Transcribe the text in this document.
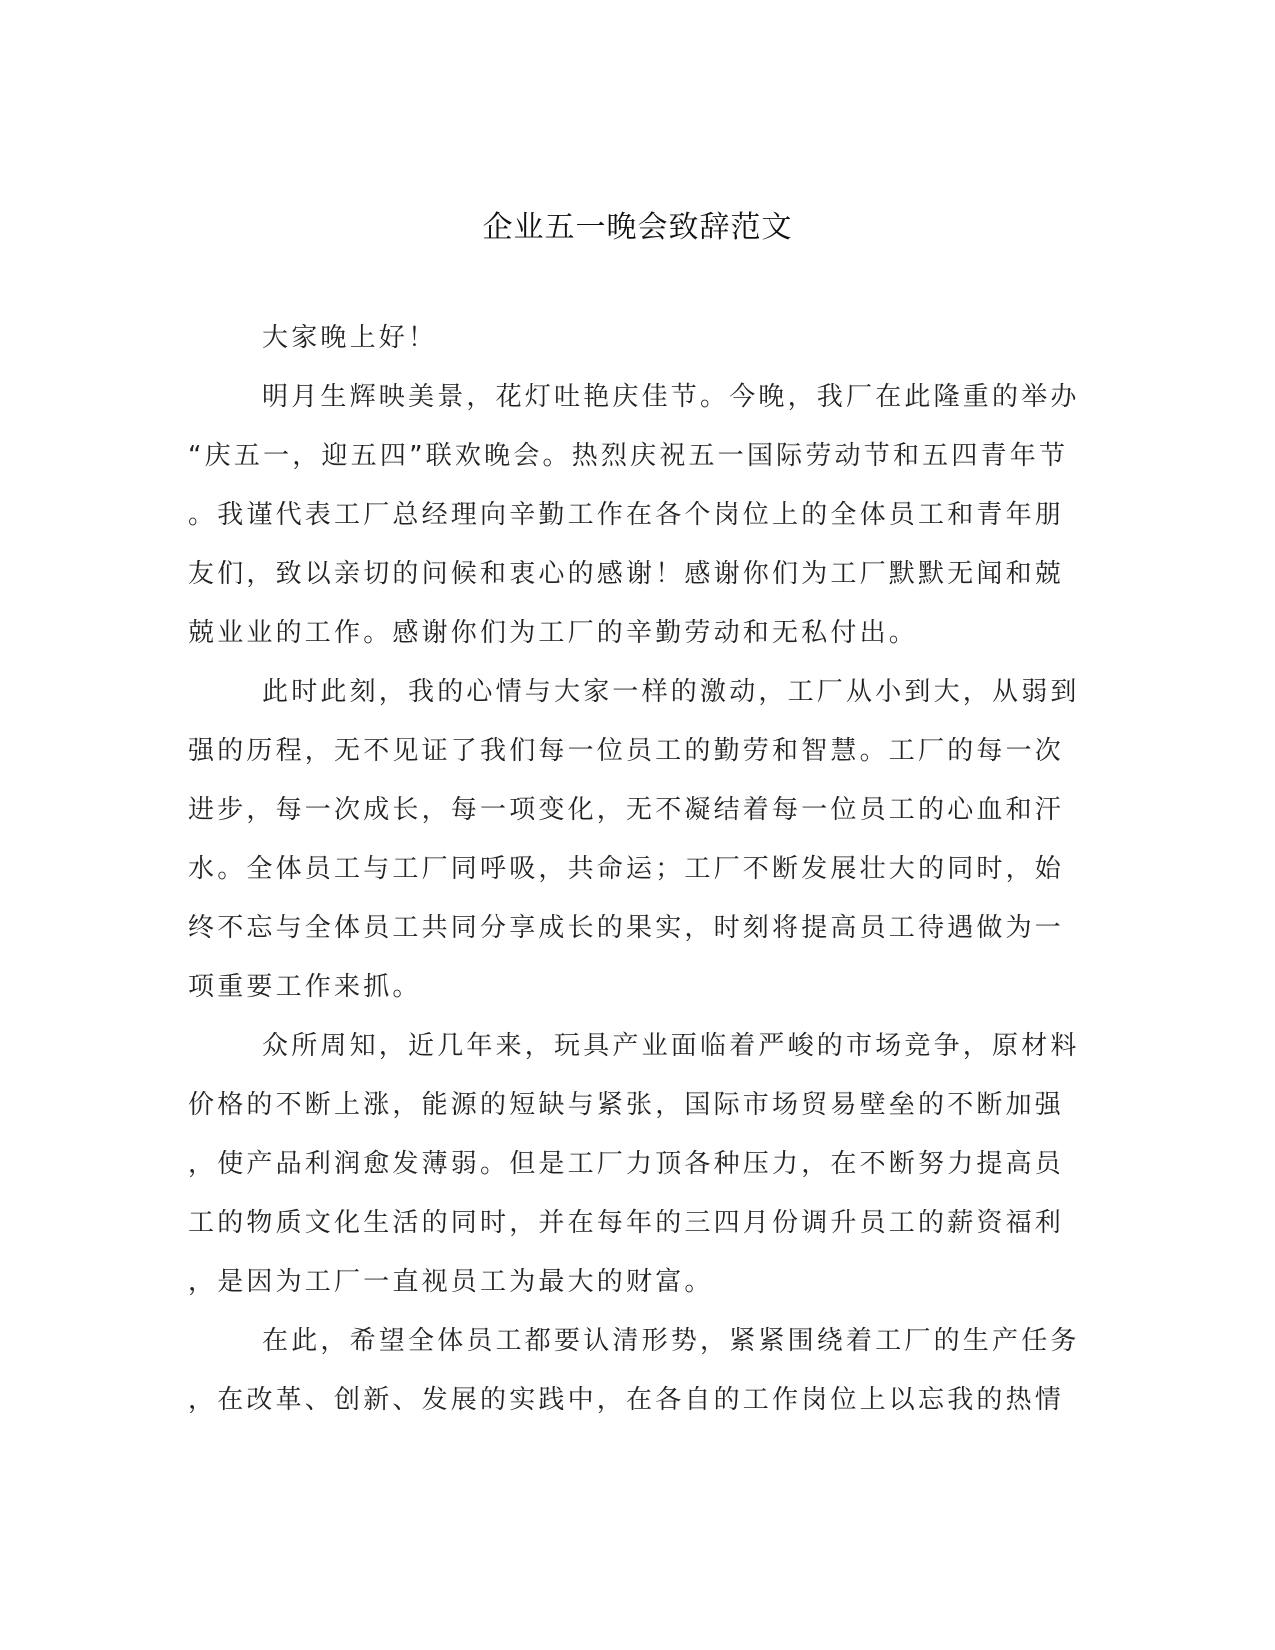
企业五一晚会致辞范文
大家晚上好！
明月生辉映美景，花灯吐艳庆佳节。今晚，我厂在此隆重的举办
“庆五一，迎五四”联欢晚会。热烈庆祝五一国际劳动节和五四青年节
。我谨代表工厂总经理向辛勤工作在各个岗位上的全体员工和青年朋
友们，致以亲切的问候和衷心的感谢！感谢你们为工厂默默无闻和兢
兢业业的工作。感谢你们为工厂的辛勤劳动和无私付出。
此时此刻，我的心情与大家一样的激动，工厂从小到大，从弱到
强的历程，无不见证了我们每一位员工的勤劳和智慧。工厂的每一次
进步，每一次成长，每一项变化，无不凝结着每一位员工的心血和汗
水。全体员工与工厂同呼吸，共命运；工厂不断发展壮大的同时，始
终不忘与全体员工共同分享成长的果实，时刻将提高员工待遇做为一
项重要工作来抓。
众所周知，近几年来，玩具产业面临着严峻的市场竞争，原材料
价格的不断上涨，能源的短缺与紧张，国际市场贸易壁垒的不断加强
，使产品利润愈发薄弱。但是工厂力顶各种压力，在不断努力提高员
工的物质文化生活的同时，并在每年的三四月份调升员工的薪资福利
，是因为工厂一直视员工为最大的财富。
在此，希望全体员工都要认清形势，紧紧围绕着工厂的生产任务
，在改革、创新、发展的实践中，在各自的工作岗位上以忘我的热情
